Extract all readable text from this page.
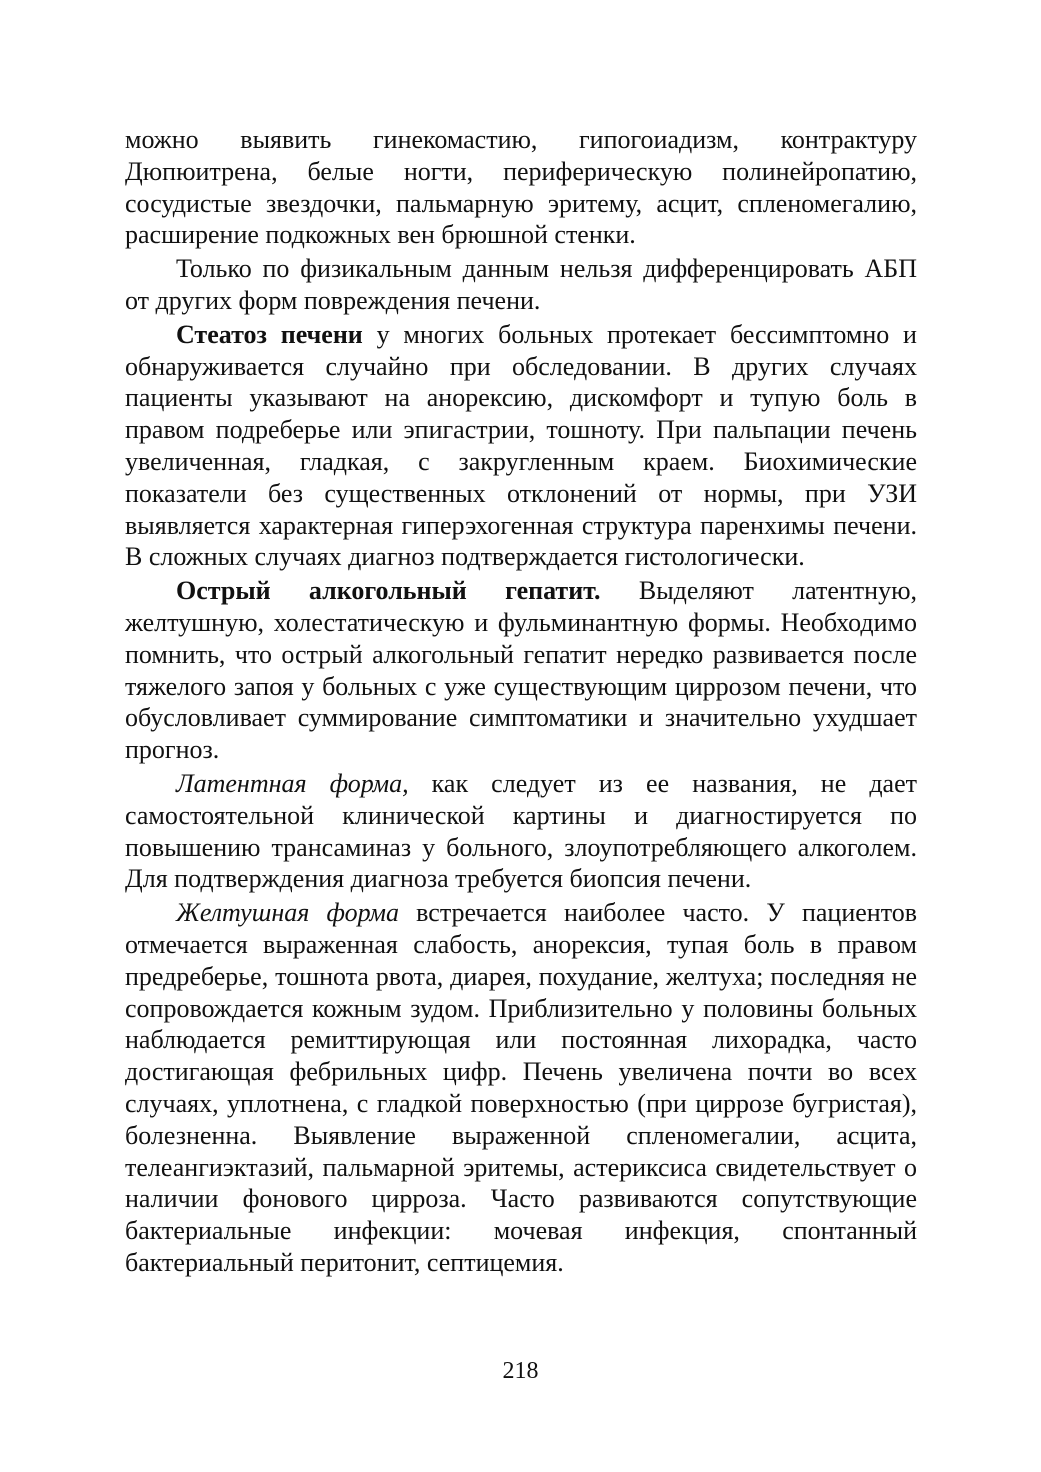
можно выявить гинекомастию, гипогоиадизм, контрактуру Дюпюитрена, белые ногти, периферическую полинейропатию, сосудистые звездочки, пальмарную эритему, асцит, спленомегалию, расширение подкожных вен брюшной стенки.

Только по физикальным данным нельзя дифференцировать АБП от других форм повреждения печени.

Стеатоз печени у многих больных протекает бессимптомно и обнаруживается случайно при обследовании. В других случаях пациенты указывают на анорексию, дискомфорт и тупую боль в правом подреберье или эпигастрии, тошноту. При пальпации печень увеличенная, гладкая, с закругленным краем. Биохимические показатели без существенных отклонений от нормы, при УЗИ выявляется характерная гиперэхогенная структура паренхимы печени. В сложных случаях диагноз подтверждается гистологически.

Острый алкогольный гепатит. Выделяют латентную, желтушную, холестатическую и фульминантную формы. Необходимо помнить, что острый алкогольный гепатит нередко развивается после тяжелого запоя у больных с уже существующим циррозом печени, что обусловливает суммирование симптоматики и значительно ухудшает прогноз.

Латентная форма, как следует из ее названия, не дает самостоятельной клинической картины и диагностируется по повышению трансаминаз у больного, злоупотребляющего алкоголем. Для подтверждения диагноза требуется биопсия печени.

Желтушная форма встречается наиболее часто. У пациентов отмечается выраженная слабость, анорексия, тупая боль в правом предреберье, тошнота рвота, диарея, похудание, желтуха; последняя не сопровождается кожным зудом. Приблизительно у половины больных наблюдается ремиттирующая или постоянная лихорадка, часто достигающая фебрильных цифр. Печень увеличена почти во всех случаях, уплотнена, с гладкой поверхностью (при циррозе бугристая), болезненна. Выявление выраженной спленомегалии, асцита, телеангиэктазий, пальмарной эритемы, астериксиса свидетельствует о наличии фонового цирроза. Часто развиваются сопутствующие бактериальные инфекции: мочевая инфекция, спонтанный бактериальный перитонит, септицемия.

218
